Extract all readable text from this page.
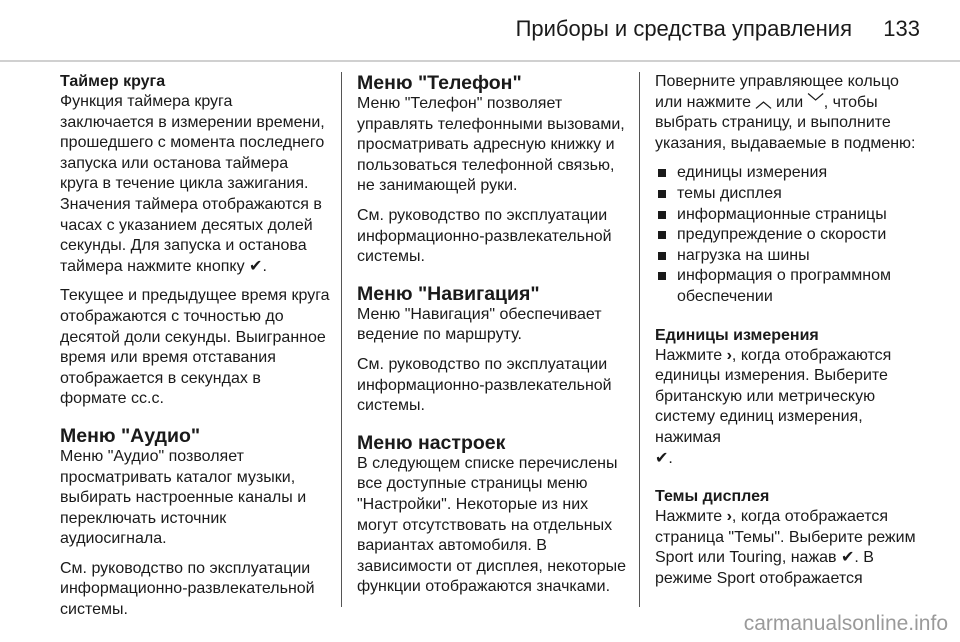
Приборы и средства управления 133
Таймер круга

Функция таймера круга заключается в измерении времени, прошедшего с момента последнего запуска или останова таймера круга в течение цикла зажигания. Значения таймера отображаются в часах с указанием десятых долей секунды. Для запуска и останова таймера нажмите кнопку ✔.

Текущее и предыдущее время круга отображаются с точностью до десятой доли секунды. Выигранное время или время отставания отображается в секундах в формате сс.с.

Меню "Аудио"

Меню "Аудио" позволяет просматривать каталог музыки, выбирать настроенные каналы и переключать источник аудиосигнала.

См. руководство по эксплуатации информационно-развлекательной системы.

Меню "Телефон"

Меню "Телефон" позволяет управлять телефонными вызовами, просматривать адресную книжку и пользоваться телефонной связью, не занимающей руки.

См. руководство по эксплуатации информационно-развлекательной системы.

Меню "Навигация"

Меню "Навигация" обеспечивает ведение по маршруту.

См. руководство по эксплуатации информационно-развлекательной системы.

Меню настроек

В следующем списке перечислены все доступные страницы меню "Настройки". Некоторые из них могут отсутствовать на отдельных вариантах автомобиля. В зависимости от дисплея, некоторые функции отображаются значками.

Поверните управляющее кольцо или нажмите ︿ или ﹀, чтобы выбрать страницу, и выполните указания, выдаваемые в подменю:

единицы измерения
темы дисплея
информационные страницы
предупреждение о скорости
нагрузка на шины
информация о программном обеспечении
Единицы измерения

Нажмите ›, когда отображаются единицы измерения. Выберите британскую или метрическую систему единиц измерения, нажимая
✔.

Темы дисплея

Нажмите ›, когда отображается страница "Темы". Выберите режим Sport или Touring, нажав ✔. В режиме Sport отображается

carmanualsonline.info
